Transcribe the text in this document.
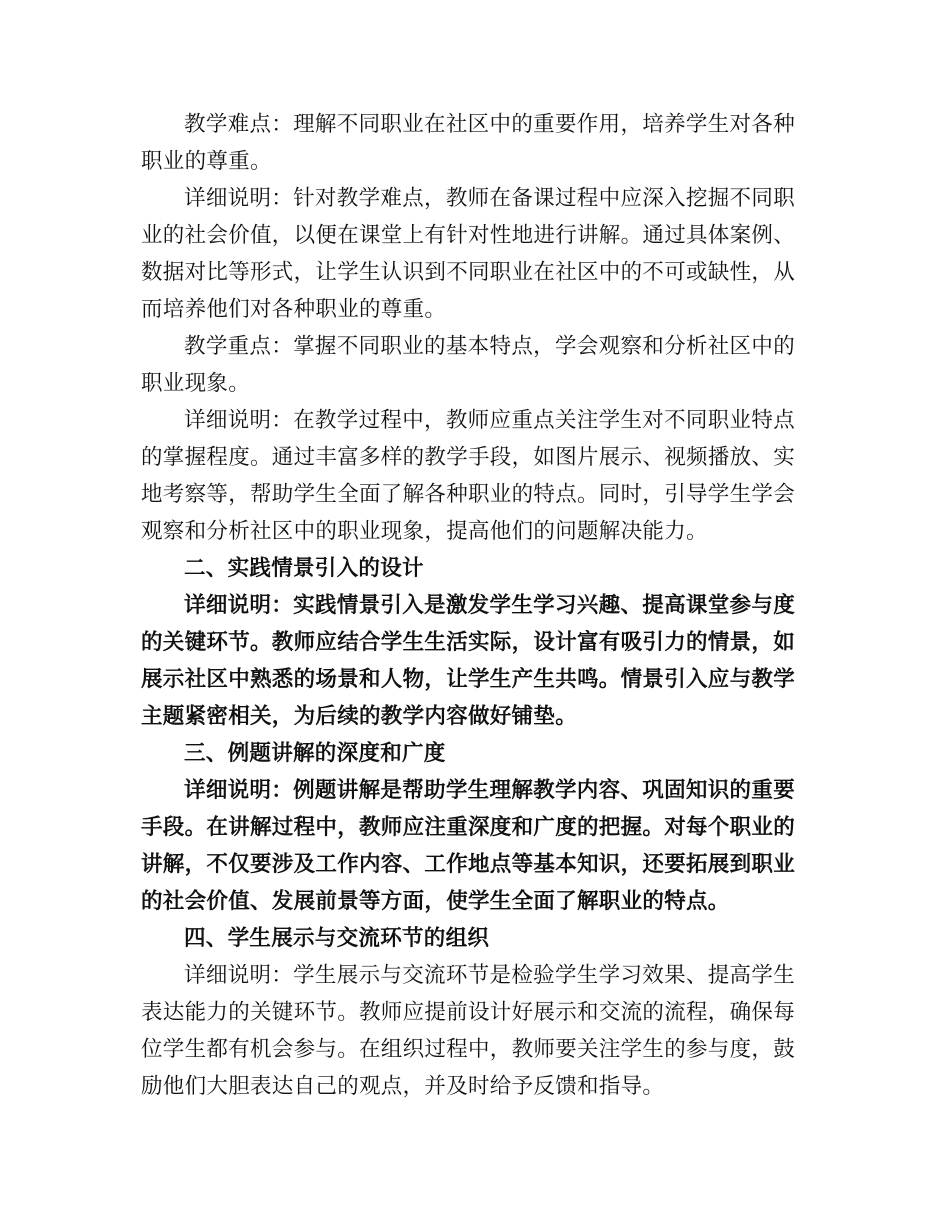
教学难点：理解不同职业在社区中的重要作用，培养学生对各种职业的尊重。

详细说明：针对教学难点，教师在备课过程中应深入挖掘不同职业的社会价值，以便在课堂上有针对性地进行讲解。通过具体案例、数据对比等形式，让学生认识到不同职业在社区中的不可或缺性，从而培养他们对各种职业的尊重。

教学重点：掌握不同职业的基本特点，学会观察和分析社区中的职业现象。

详细说明：在教学过程中，教师应重点关注学生对不同职业特点的掌握程度。通过丰富多样的教学手段，如图片展示、视频播放、实地考察等，帮助学生全面了解各种职业的特点。同时，引导学生学会观察和分析社区中的职业现象，提高他们的问题解决能力。

二、实践情景引入的设计

详细说明：实践情景引入是激发学生学习兴趣、提高课堂参与度的关键环节。教师应结合学生生活实际，设计富有吸引力的情景，如展示社区中熟悉的场景和人物，让学生产生共鸣。情景引入应与教学主题紧密相关，为后续的教学内容做好铺垫。

三、例题讲解的深度和广度

详细说明：例题讲解是帮助学生理解教学内容、巩固知识的重要手段。在讲解过程中，教师应注重深度和广度的把握。对每个职业的讲解，不仅要涉及工作内容、工作地点等基本知识，还要拓展到职业的社会价值、发展前景等方面，使学生全面了解职业的特点。

四、学生展示与交流环节的组织

详细说明：学生展示与交流环节是检验学生学习效果、提高学生表达能力的关键环节。教师应提前设计好展示和交流的流程，确保每位学生都有机会参与。在组织过程中，教师要关注学生的参与度，鼓励他们大胆表达自己的观点，并及时给予反馈和指导。
